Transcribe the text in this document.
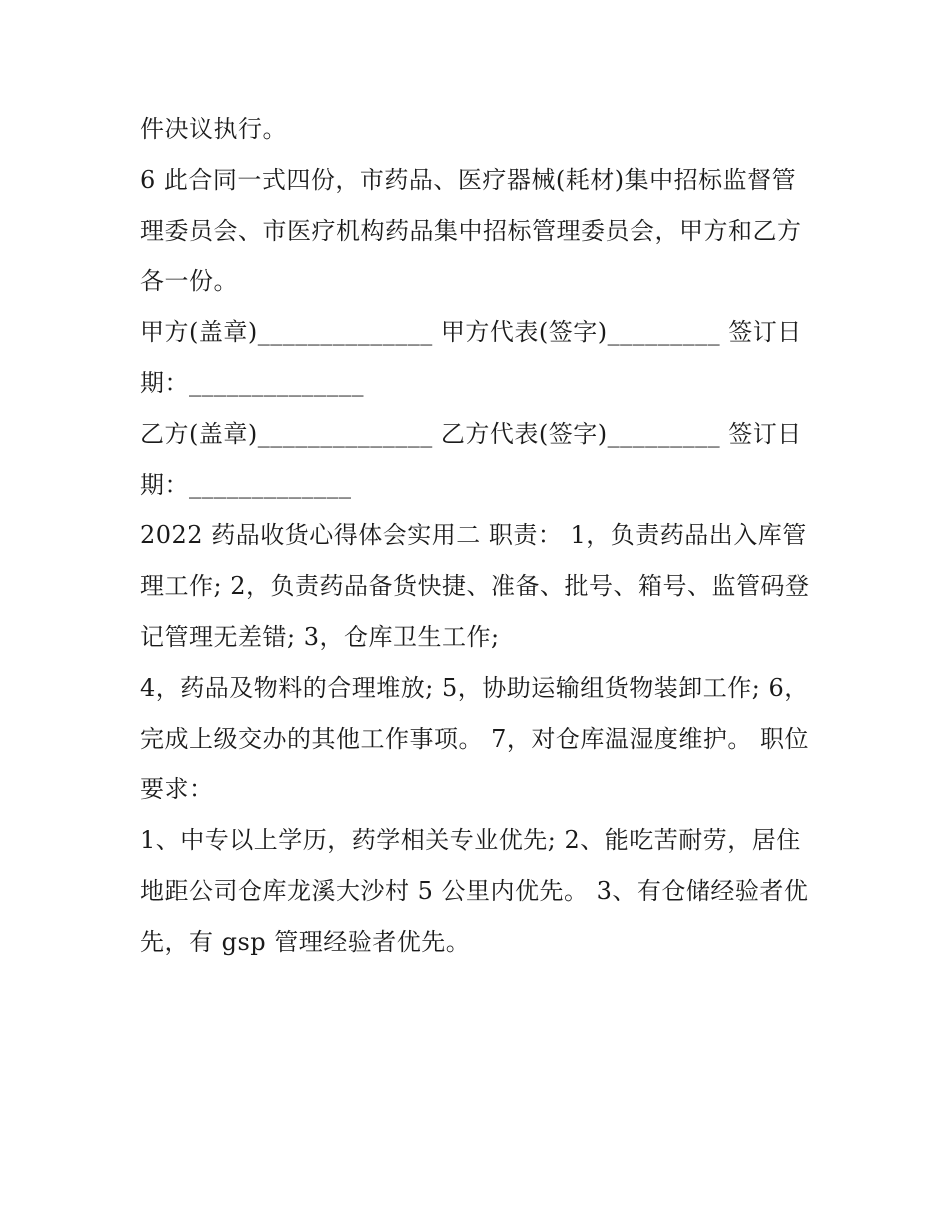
件决议执行。
6 此合同一式四份，市药品、医疗器械(耗材)集中招标监督管
理委员会、市医疗机构药品集中招标管理委员会，甲方和乙方
各一份。
甲方(盖章)______________ 甲方代表(签字)_________ 签订日
期：______________
乙方(盖章)______________ 乙方代表(签字)_________ 签订日
期：_____________
2022 药品收货心得体会实用二 职责： 1，负责药品出入库管
理工作; 2，负责药品备货快捷、准备、批号、箱号、监管码登
记管理无差错; 3，仓库卫生工作;
4，药品及物料的合理堆放; 5，协助运输组货物装卸工作; 6，
完成上级交办的其他工作事项。 7，对仓库温湿度维护。 职位
要求：
1、中专以上学历，药学相关专业优先; 2、能吃苦耐劳，居住
地距公司仓库龙溪大沙村 5 公里内优先。 3、有仓储经验者优
先，有 gsp 管理经验者优先。
